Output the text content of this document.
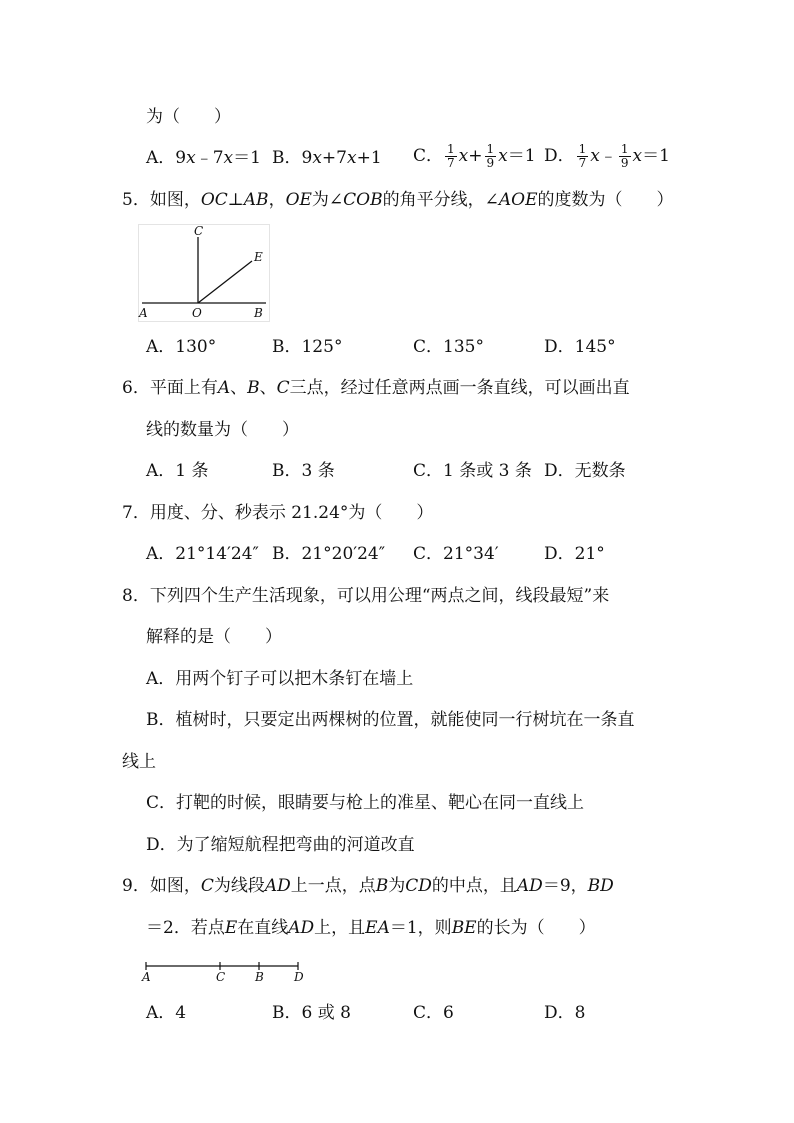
为（　　）
A．9x﹣7x＝1 B．9x+7x+1 C． $\frac{1}{7} x+ \frac{1}{9} x=1$ D． $\frac{1}{7}$ x﹣ $\frac{1}{9} x=1$
5．如图，OC⊥AB，OE为∠COB的角平分线，∠AOE的度数为（　　）
C
E
A	O	B
A．130°	B．125°	C．135°	D．145°
6．平面上有A、B、C三点，经过任意两点画一条直线，可以画出直
线的数量为（　　）
A．1 条	B．3 条	C．1 条或 3 条 D．无数条
7．用度、分、秒表示 21.24°为（　　）
A．21°14′24″ B．21°20′24″ C．21°34′	D．21°
8．下列四个生产生活现象，可以用公理“两点之间，线段最短”来
解释的是（　　）
A．用两个钉子可以把木条钉在墙上
B．植树时，只要定出两棵树的位置，就能使同一行树坑在一条直
线上
C．打靶的时候，眼睛要与枪上的准星、靶心在同一直线上
D．为了缩短航程把弯曲的河道改直
9．如图，C为线段AD上一点，点B为CD的中点，且AD＝9，BD
＝2．若点E在直线AD上，且EA＝1，则BE的长为（　　）
A	C B	D
A．4	B．6 或 8	C．6	D．8
